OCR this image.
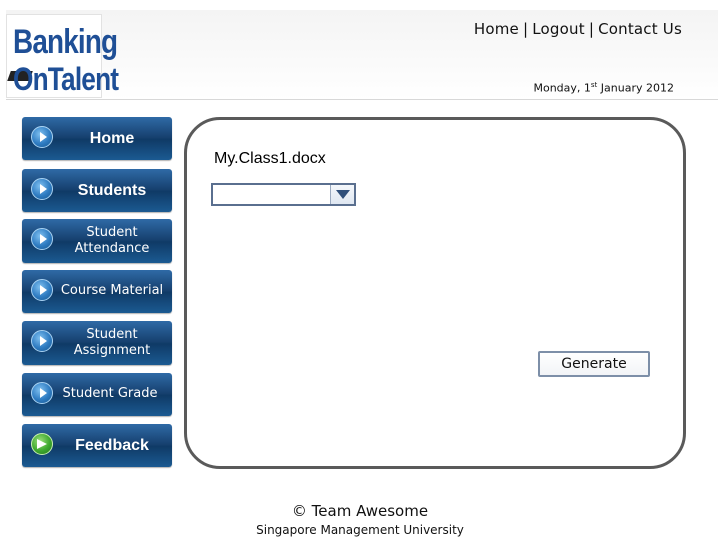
Banking
OnTalent
Home | Logout | Contact Us
Monday, 1st January 2012
Home
Students
Student Attendance
Course Material
Student Assignment
Student Grade
Feedback
My.Class1.docx
Generate
© Team Awesome
Singapore Management University
